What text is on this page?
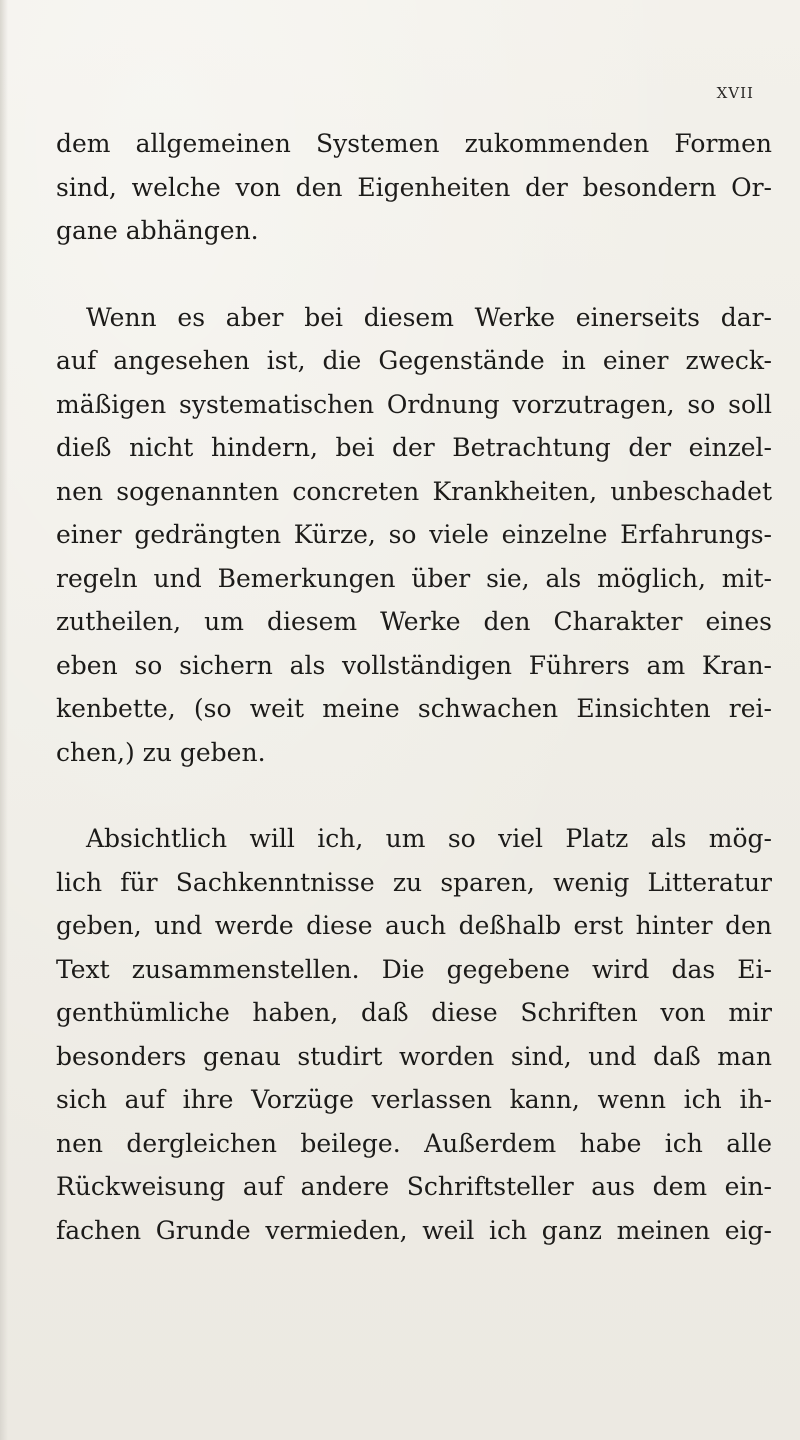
XVII
dem allgemeinen Systemen zukommenden Formen
sind, welche von den Eigenheiten der besondern Or-
gane abhängen.
Wenn es aber bei diesem Werke einerseits dar-
auf angesehen ist, die Gegenstände in einer zweck-
mäßigen systematischen Ordnung vorzutragen, so soll
dieß nicht hindern, bei der Betrachtung der einzel-
nen sogenannten concreten Krankheiten, unbeschadet
einer gedrängten Kürze, so viele einzelne Erfahrungs-
regeln und Bemerkungen über sie, als möglich, mit-
zutheilen, um diesem Werke den Charakter eines
eben so sichern als vollständigen Führers am Kran-
kenbette, (so weit meine schwachen Einsichten rei-
chen,) zu geben.
Absichtlich will ich, um so viel Platz als mög-
lich für Sachkenntnisse zu sparen, wenig Litteratur
geben, und werde diese auch deßhalb erst hinter den
Text zusammenstellen. Die gegebene wird das Ei-
genthümliche haben, daß diese Schriften von mir
besonders genau studirt worden sind, und daß man
sich auf ihre Vorzüge verlassen kann, wenn ich ih-
nen dergleichen beilege. Außerdem habe ich alle
Rückweisung auf andere Schriftsteller aus dem ein-
fachen Grunde vermieden, weil ich ganz meinen eig-
